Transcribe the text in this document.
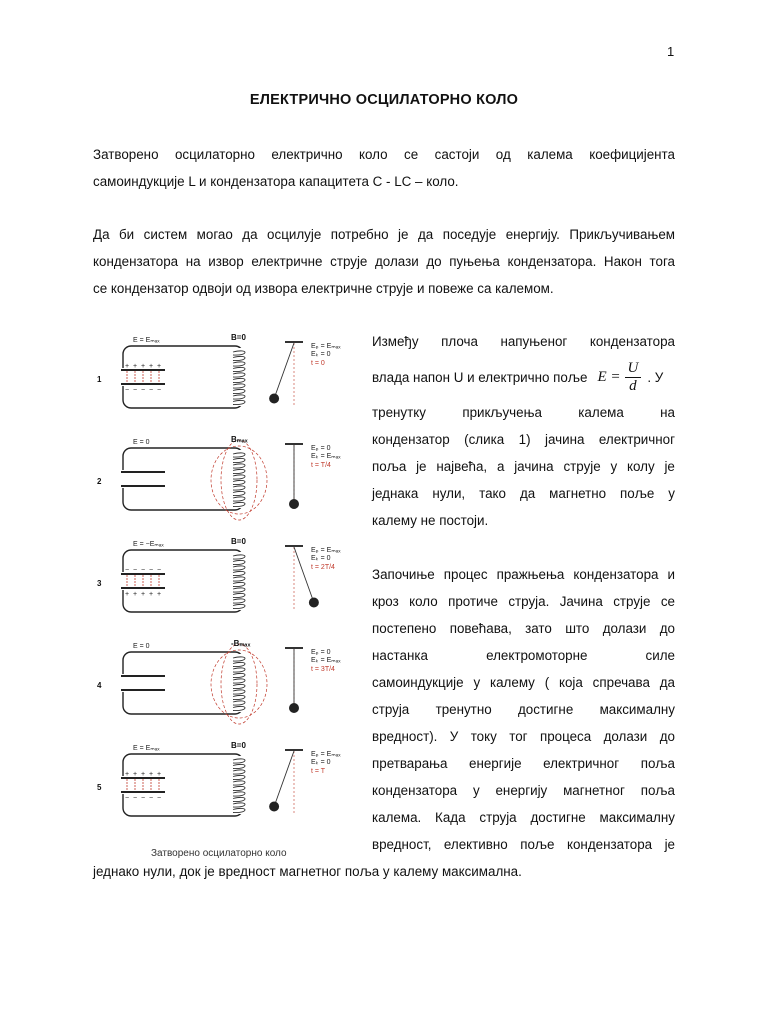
1
ЕЛЕКТРИЧНО ОСЦИЛАТОРНО КОЛО
Затворено осцилаторно електрично коло се састоји од калема коефицијента
самоиндукције L и кондензатора капацитета C - LC – коло.
Да би систем могао да осцилује потребно је да поседује енергију. Прикључивањем
кондензатора на извор електричне струје долази до пуњења кондензатора. Након тога
се кондензатор одвоји од извора електричне струје и повеже са калемом.
+
−
+
−
+
−
+
−
+
−
E = Eₘₐₓ	B=0
1
Eₚ = Eₘₐₓ
Eₖ = 0
t = 0
E = 0	Bₘₐₓ
2
Eₚ = 0
Eₖ = Eₘₐₓ
t = T/4
−
+
−
+
−
+
−
+
−
+
E = −Eₘₐₓ	B=0
3
Eₚ = Eₘₐₓ
Eₖ = 0
t = 2T/4
E = 0	-Bₘₐₓ
4
Eₚ = 0
Eₖ = Eₘₐₓ
t = 3T/4
+
−
+
−
+
−
+
−
+
−
E = Eₘₐₓ	B=0
5
Eₚ = Eₘₐₓ
Eₖ = 0
t = T
Затворено осцилаторно коло
Између плоча напуњеног кондензатора
влада напон U и електрично поље $E = \frac{U}{d}$ . У
тренутку	прикључења	калема	на
кондензатор (слика 1) јачина електричног
поља је највећа, а јачина струје у колу је
једнака нули, тако да магнетно поље у
калему не постоји.
Започиње процес пражњења кондензатора и
кроз коло протиче струја. Јачина струје се
постепено повећава, зато што долази до
настанка	електромоторне	силе
самоиндукције у калему ( која спречава да
струја тренутно достигне максималну
вредност). У току тог процеса долази до
претварања енергије електричног поља
кондензатора у енергију магнетног поља
калема. Када струја достигне максималну
вредност, елективно поље кондензатора је
једнако нули, док је вредност магнетног поља у калему максимална.
